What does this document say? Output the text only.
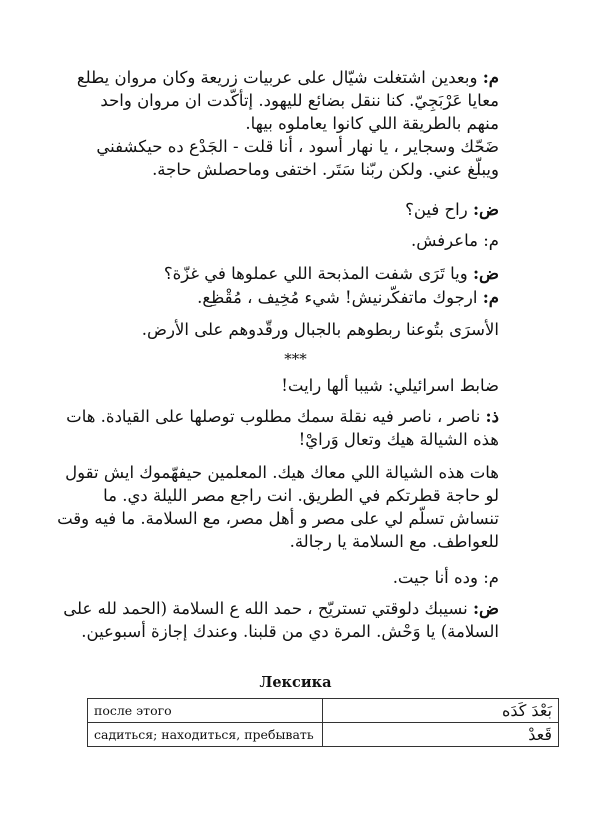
م: وبعدين اشتغلت شيّال على عربيات زريعة وكان مروان يطلع معايا عَرْبَجِيّ. كنا ننقل بضائع لليهود. إتأكّدت ان مروان واحد منهم بالطريقة اللي كانوا يعاملوه بيها.
ضَحّك وسجاير ، يا نهار أسود ، أنا قلت - الجَدْع ده حيكشفني ويبلّغ عني. ولكن ربّنا سَتَر. اختفى وماحصلش حاجة.
ض: راح فين؟
م: ماعرفش.
ض: ويا تَرَى شفت المذبحة اللي عملوها في غزّة؟
م: ارجوك ماتفكّرنيش! شيء مُخِيف ، مُقْظِع.
الأسرَى بتُوعنا ربطوهم بالجبال ورقّدوهم على الأرض.
***
ضابط اسرائيلي: شيبا ألها رايت!
ذ: ناصر ، ناصر فيه نقلة سمك مطلوب توصلها على القيادة. هات هذه الشيالة هيك وتعال وَرايْ!
هات هذه الشيالة اللي معاك هيك. المعلمين حيفهّموك ايش تقول لو حاجة قطرتكم في الطريق. انت راجع مصر الليلة دي. ما تنساش تسلّم لي على مصر و أهل مصر، مع السلامة. ما فيه وقت للعواطف. مع السلامة يا رجالة.
م: وده أنا جيت.
ض: نسيبك دلوقتي تستريّح ، حمد الله ع السلامة (الحمد لله على السلامة) يا وَحْش. المرة دي من قلبنا. وعندك إجازة أسبوعين.
Лексика
после этого	بَعْدَ كَدَه
садиться; находиться, пребывать	قَعدْ
